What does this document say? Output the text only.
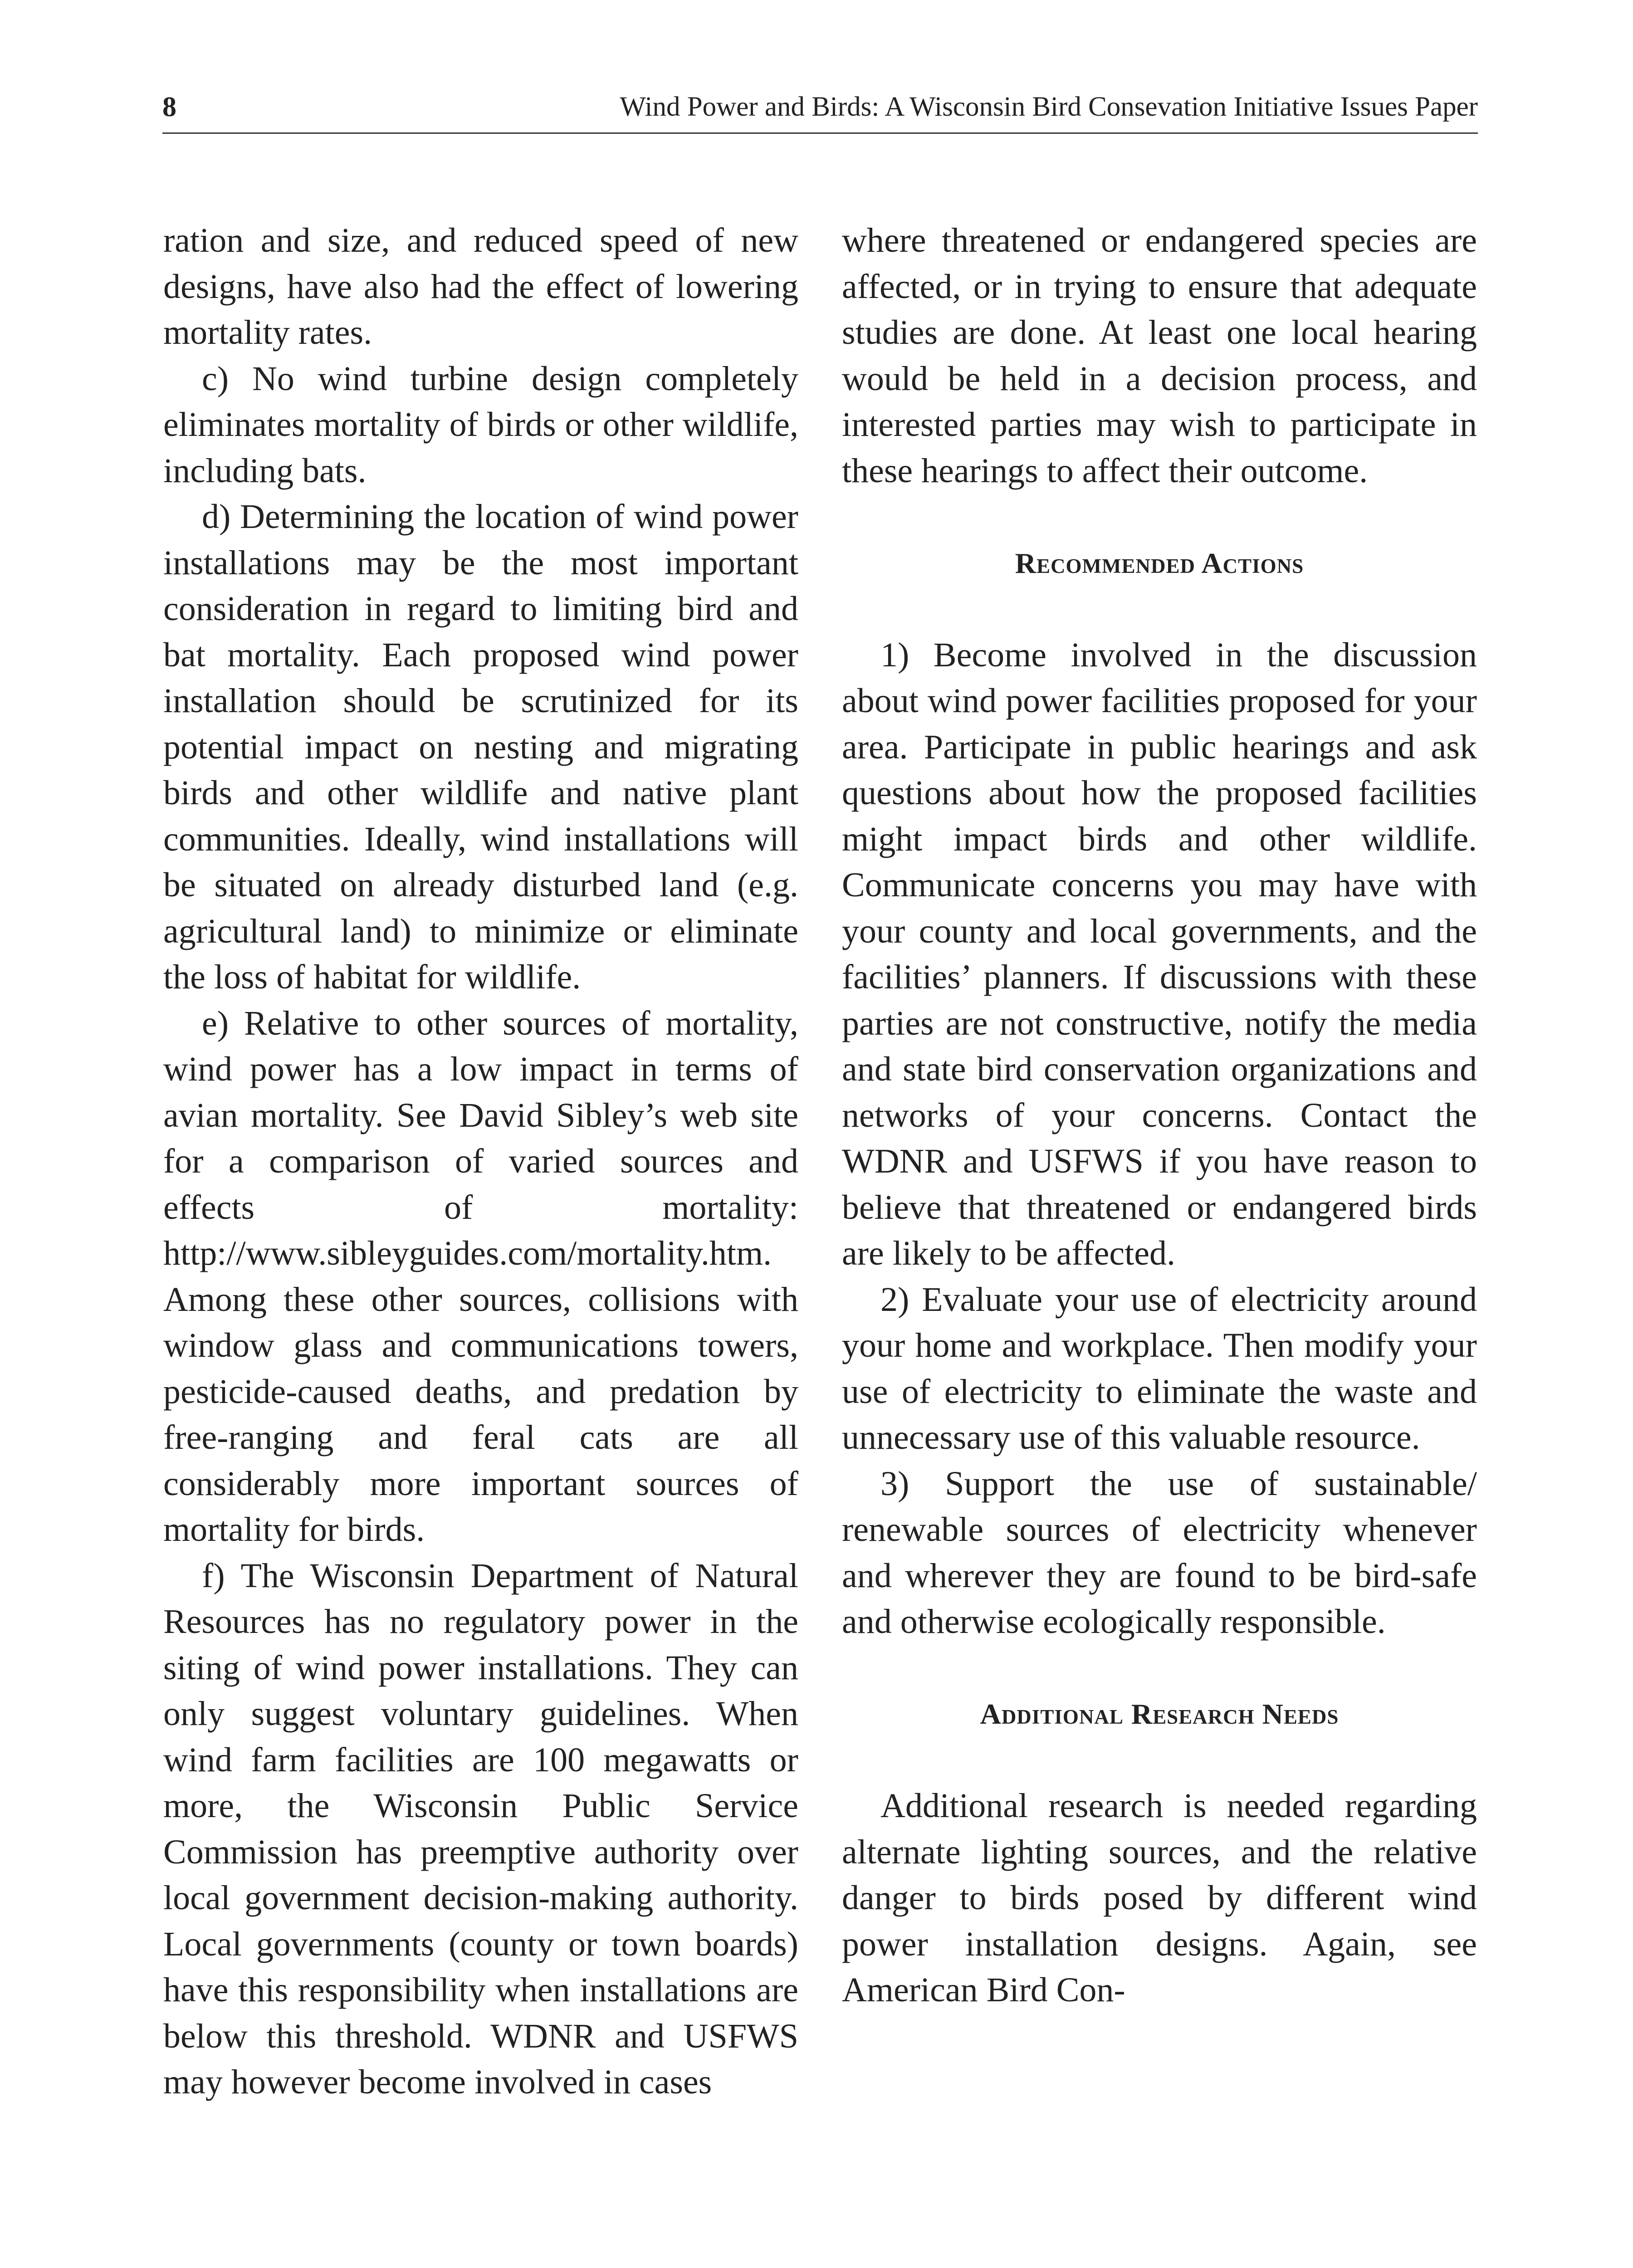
8	Wind Power and Birds: A Wisconsin Bird Consevation Initiative Issues Paper

ration and size, and reduced speed of new designs, have also had the effect of lowering mortality rates.

c) No wind turbine design completely eliminates mortality of birds or other wildlife, including bats.

d) Determining the location of wind power installations may be the most important consideration in regard to limiting bird and bat mortality. Each proposed wind power installation should be scrutinized for its potential impact on nesting and migrating birds and other wildlife and native plant communities. Ideally, wind installations will be situated on already disturbed land (e.g. agricultural land) to minimize or eliminate the loss of habitat for wildlife.

e) Relative to other sources of mortality, wind power has a low impact in terms of avian mortality. See David Sibley’s web site for a comparison of varied sources and effects of mortality: http://www.sibleyguides.com/mortality.htm. Among these other sources, collisions with window glass and communications towers, pesticide-caused deaths, and predation by free-ranging and feral cats are all considerably more important sources of mortality for birds.

f) The Wisconsin Department of Natural Resources has no regulatory power in the siting of wind power installations. They can only suggest voluntary guidelines. When wind farm facilities are 100 megawatts or more, the Wisconsin Public Service Commission has preemptive authority over local government decision-making authority. Local governments (county or town boards) have this responsibility when installations are below this threshold. WDNR and USFWS may however become involved in cases

where threatened or endangered species are affected, or in trying to ensure that adequate studies are done. At least one local hearing would be held in a decision process, and interested parties may wish to participate in these hearings to affect their outcome.

Recommended Actions

1) Become involved in the discussion about wind power facilities proposed for your area. Participate in public hearings and ask questions about how the proposed facilities might impact birds and other wildlife. Communicate concerns you may have with your county and local governments, and the facilities’ planners. If discussions with these parties are not constructive, notify the media and state bird conservation organizations and networks of your concerns. Contact the WDNR and USFWS if you have reason to believe that threatened or endangered birds are likely to be affected.

2) Evaluate your use of electricity around your home and workplace. Then modify your use of electricity to eliminate the waste and unnecessary use of this valuable resource.

3) Support the use of sustainable/ renewable sources of electricity whenever and wherever they are found to be bird-safe and otherwise ecologically responsible.

Additional Research Needs

Additional research is needed regarding alternate lighting sources, and the relative danger to birds posed by different wind power installation designs. Again, see American Bird Con-
